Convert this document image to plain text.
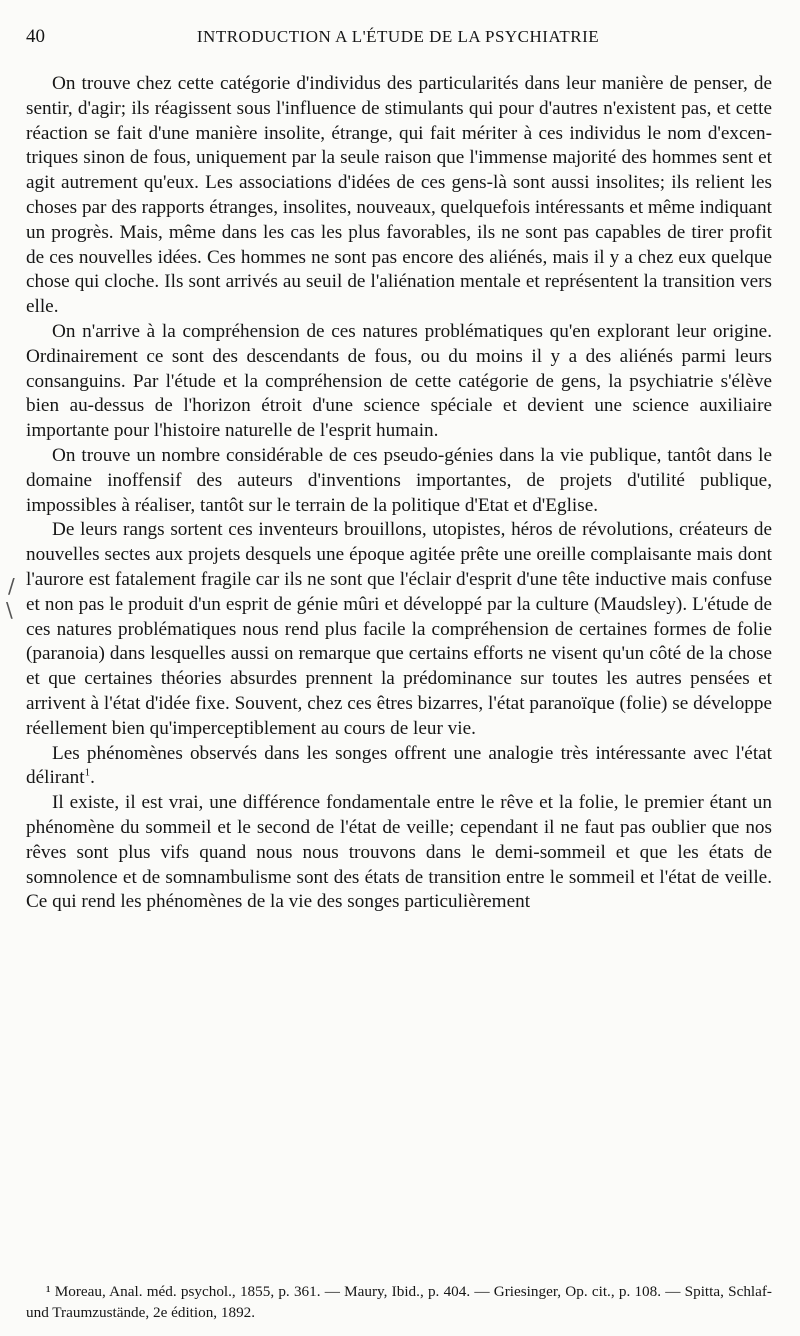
40	INTRODUCTION A L'ÉTUDE DE LA PSYCHIATRIE
/
\

On trouve chez cette catégorie d'individus des particularités dans leur manière de penser, de sentir, d'agir; ils réagissent sous l'influence de stimulants qui pour d'autres n'existent pas, et cette réaction se fait d'une manière insolite, étrange, qui fait mériter à ces individus le nom d'excentriques sinon de fous, uniquement par la seule raison que l'immense majorité des hommes sent et agit autrement qu'eux. Les associations d'idées de ces gens-là sont aussi insolites; ils relient les choses par des rapports étranges, insolites, nouveaux, quelquefois intéressants et même indiquant un progrès. Mais, même dans les cas les plus favorables, ils ne sont pas capables de tirer profit de ces nouvelles idées. Ces hommes ne sont pas encore des aliénés, mais il y a chez eux quelque chose qui cloche. Ils sont arrivés au seuil de l'aliénation mentale et représentent la transition vers elle.

On n'arrive à la compréhension de ces natures problématiques qu'en explorant leur origine. Ordinairement ce sont des descendants de fous, ou du moins il y a des aliénés parmi leurs consanguins. Par l'étude et la compréhension de cette catégorie de gens, la psychiatrie s'élève bien au-dessus de l'horizon étroit d'une science spéciale et devient une science auxiliaire importante pour l'histoire naturelle de l'esprit humain.

On trouve un nombre considérable de ces pseudo-génies dans la vie publique, tantôt dans le domaine inoffensif des auteurs d'inventions importantes, de projets d'utilité publique, impossibles à réaliser, tantôt sur le terrain de la politique d'Etat et d'Eglise.

De leurs rangs sortent ces inventeurs brouillons, utopistes, héros de révolutions, créateurs de nouvelles sectes aux projets desquels une époque agitée prête une oreille complaisante mais dont l'aurore est fatalement fragile car ils ne sont que l'éclair d'esprit d'une tête inductive mais confuse et non pas le produit d'un esprit de génie mûri et développé par la culture (Maudsley). L'étude de ces natures problématiques nous rend plus facile la compréhension de certaines formes de folie (paranoia) dans lesquelles aussi on remarque que certains efforts ne visent qu'un côté de la chose et que certaines théories absurdes prennent la prédominance sur toutes les autres pensées et arrivent à l'état d'idée fixe. Souvent, chez ces êtres bizarres, l'état paranoïque (folie) se développe réellement bien qu'imperceptiblement au cours de leur vie.

Les phénomènes observés dans les songes offrent une analogie très intéressante avec l'état délirant$^1$.

Il existe, il est vrai, une différence fondamentale entre le rêve et la folie, le premier étant un phénomène du sommeil et le second de l'état de veille; cependant il ne faut pas oublier que nos rêves sont plus vifs quand nous nous trouvons dans le demi-sommeil et que les états de somnolence et de somnambulisme sont des états de transition entre le sommeil et l'état de veille. Ce qui rend les phénomènes de la vie des songes particulièrement

¹ Moreau, Anal. méd. psychol., 1855, p. 361. — Maury, Ibid., p. 404. — Griesinger, Op. cit., p. 108. — Spitta, Schlaf-und Traumzustände, 2e édition, 1892.
